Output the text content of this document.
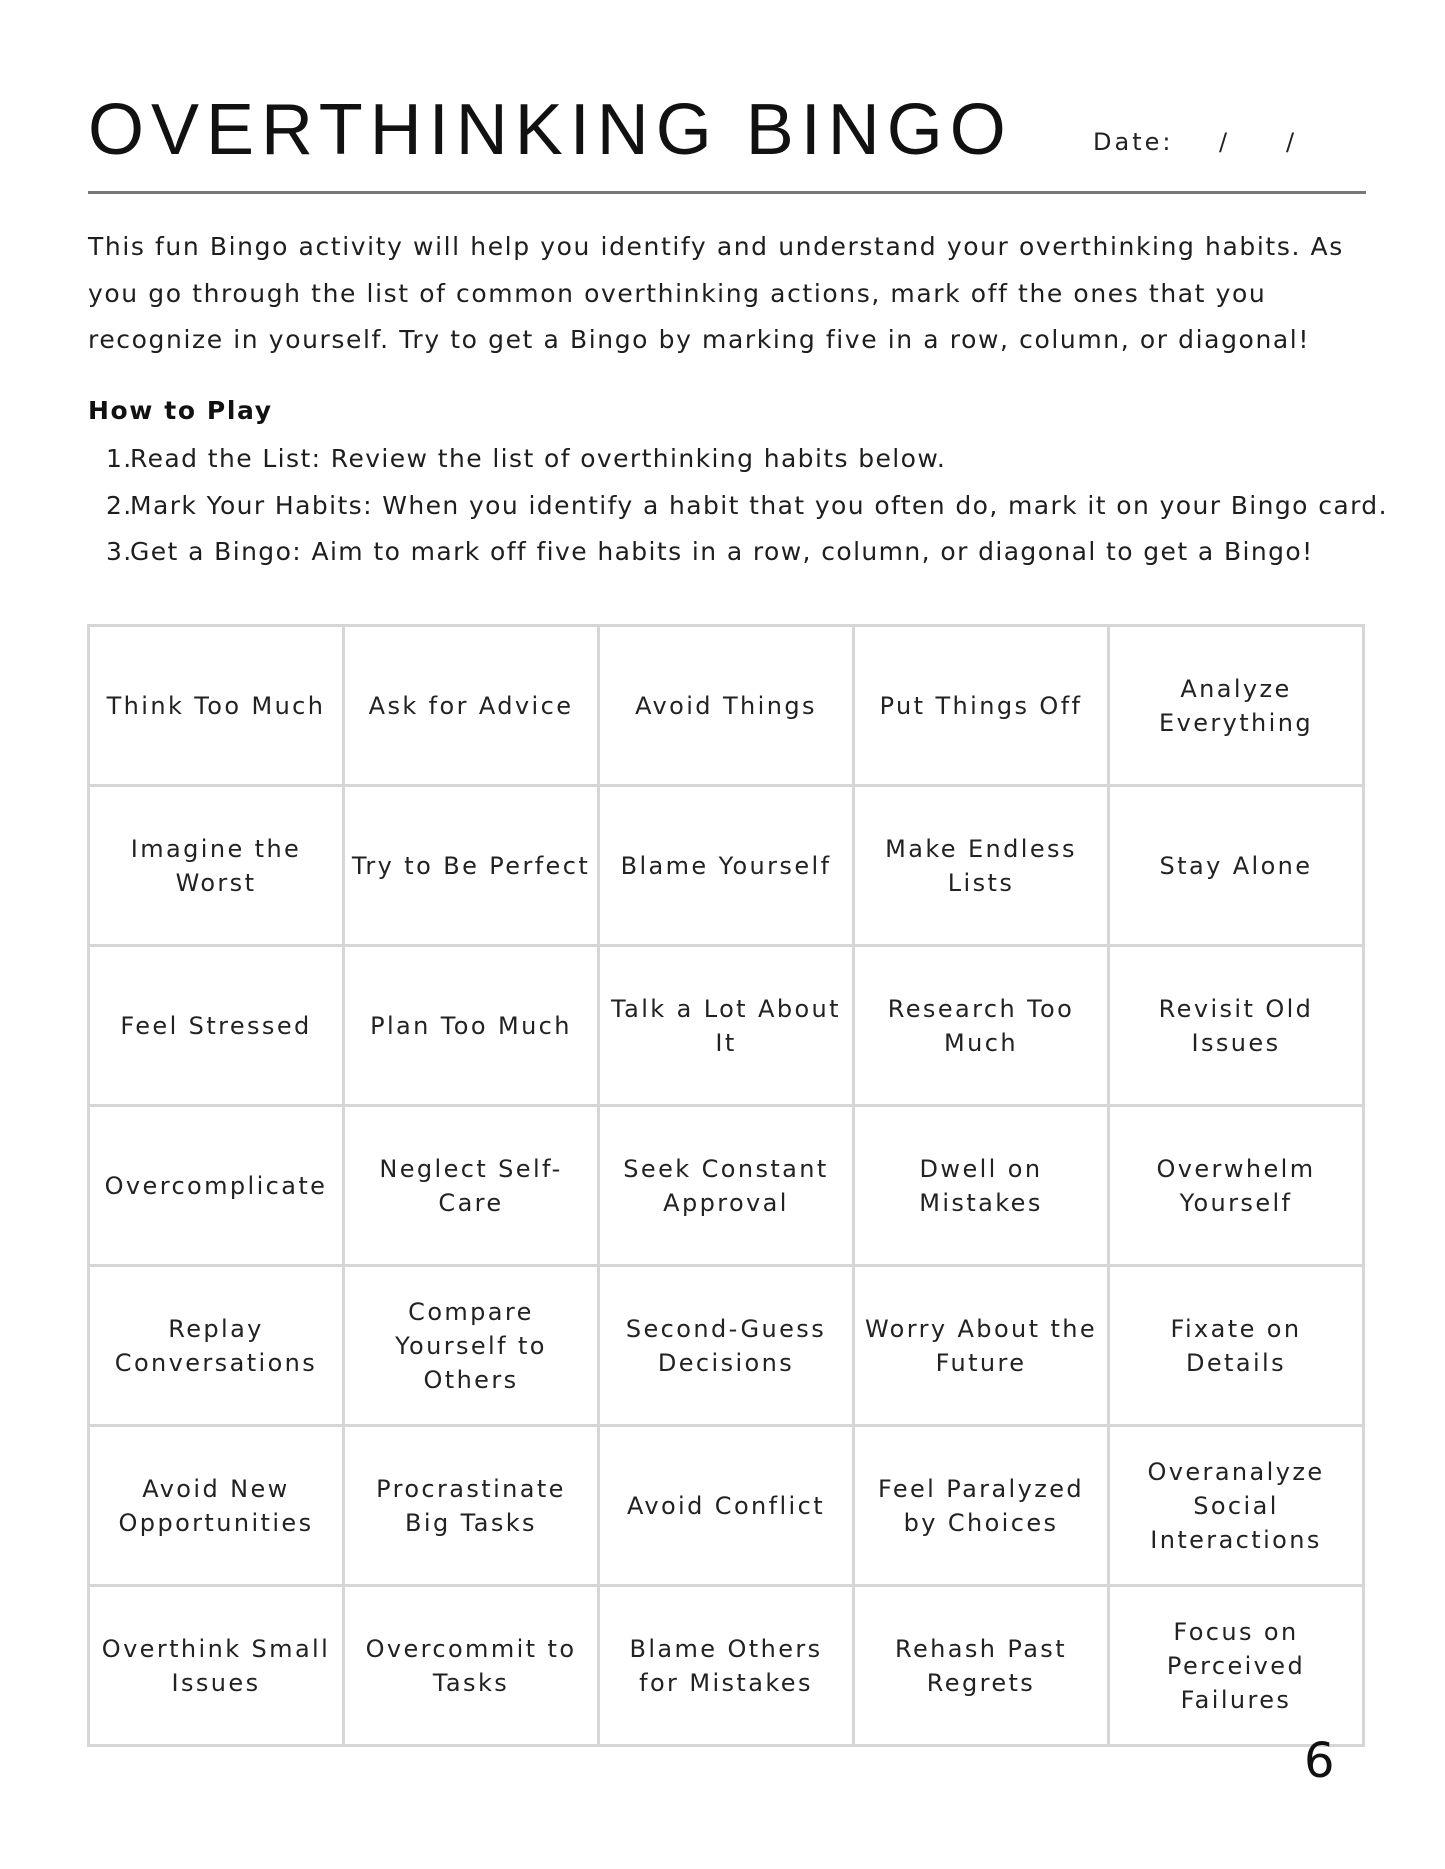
OVERTHINKING BINGO	Date: / /

This fun Bingo activity will help you identify and understand your overthinking habits. As you go through the list of common overthinking actions, mark off the ones that you recognize in yourself. Try to get a Bingo by marking five in a row, column, or diagonal!

How to Play
1.
Read the List: Review the list of overthinking habits below.
2.
Mark Your Habits: When you identify a habit that you often do, mark it on your Bingo card.
3.
Get a Bingo: Aim to mark off five habits in a row, column, or diagonal to get a Bingo!
Think Too Much	Ask for Advice	Avoid Things	Put Things Off	Analyze Everything
Imagine the Worst	Try to Be Perfect	Blame Yourself	Make Endless Lists	Stay Alone
Feel Stressed	Plan Too Much	Talk a Lot About It	Research Too Much	Revisit Old Issues
Overcomplicate	Neglect Self-Care	Seek Constant Approval	Dwell on Mistakes	Overwhelm Yourself
Replay Conversations	Compare Yourself to Others	Second-Guess Decisions	Worry About the Future	Fixate on Details
Avoid New Opportunities	Procrastinate Big Tasks	Avoid Conflict	Feel Paralyzed by Choices	Overanalyze Social Interactions
Overthink Small Issues	Overcommit to Tasks	Blame Others for Mistakes	Rehash Past Regrets	Focus on Perceived Failures
6
